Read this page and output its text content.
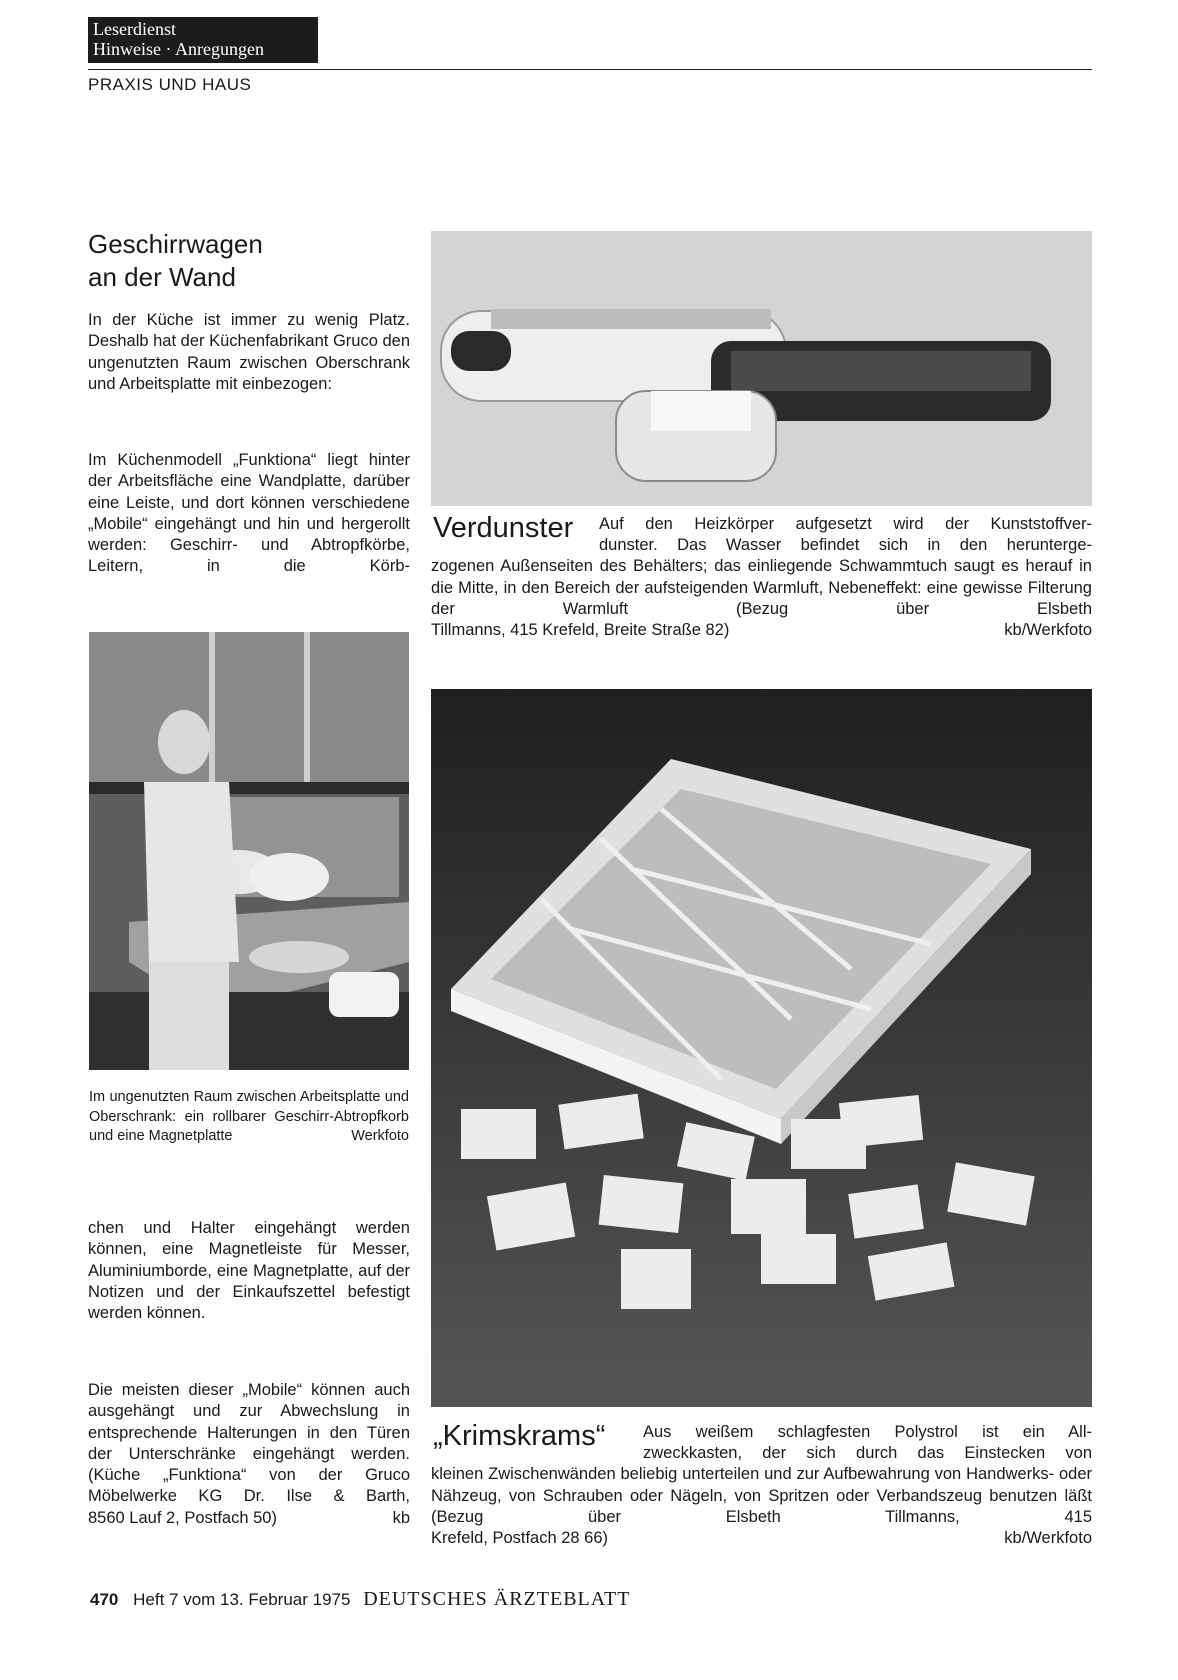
Leserdienst
Hinweise · Anregungen
PRAXIS UND HAUS
Geschirrwagen
an der Wand
In der Küche ist immer zu wenig Platz. Deshalb hat der Küchenfabrikant Gruco den ungenutzten Raum zwischen Oberschrank und Arbeitsplatte mit einbezogen:
Im Küchenmodell „Funktiona“ liegt hinter der Arbeitsfläche eine Wandplatte, darüber eine Leiste, und dort können verschiedene „Mobile“ eingehängt und hin und hergerollt werden: Geschirr- und Abtropfkörbe, Leitern, in die Körb-
Im ungenutzten Raum zwischen Arbeitsplatte und Oberschrank: ein rollbarer Geschirr-Abtropfkorb und eine Magnetplatte	Werkfoto
chen und Halter eingehängt werden können, eine Magnetleiste für Messer, Aluminiumborde, eine Magnetplatte, auf der Notizen und der Einkaufszettel befestigt werden können.
Die meisten dieser „Mobile“ können auch ausgehängt und zur Abwechslung in entsprechende Halterungen in den Türen der Unterschränke eingehängt werden. (Küche „Funktiona“ von der Gruco Möbelwerke KG Dr. Ilse & Barth,
8560 Lauf 2, Postfach 50)	kb
Verdunster	Auf den Heizkörper aufgesetzt wird der Kunststoffver-
dunster. Das Wasser befindet sich in den heruntergе-
zogenen Außenseiten des Behälters; das einliegende Schwammtuch saugt es herauf in die Mitte, in den Bereich der aufsteigenden Warmluft, Nebeneffekt: eine gewisse Filterung der Warmluft (Bezug über Elsbeth
Tillmanns, 415 Krefeld, Breite Straße 82)	kb/Werkfoto
„Krimskrams“	Aus weißem schlagfesten Polystrol ist ein All-
zweckkasten, der sich durch das Einstecken von
kleinen Zwischenwänden beliebig unterteilen und zur Aufbewahrung von Handwerks- oder Nähzeug, von Schrauben oder Nägeln, von Spritzen oder Verbandszeug benutzen läßt (Bezug über Elsbeth Tillmanns, 415
Krefeld, Postfach 28 66)	kb/Werkfoto
470 Heft 7 vom 13. Februar 1975 DEUTSCHES ÄRZTEBLATT
